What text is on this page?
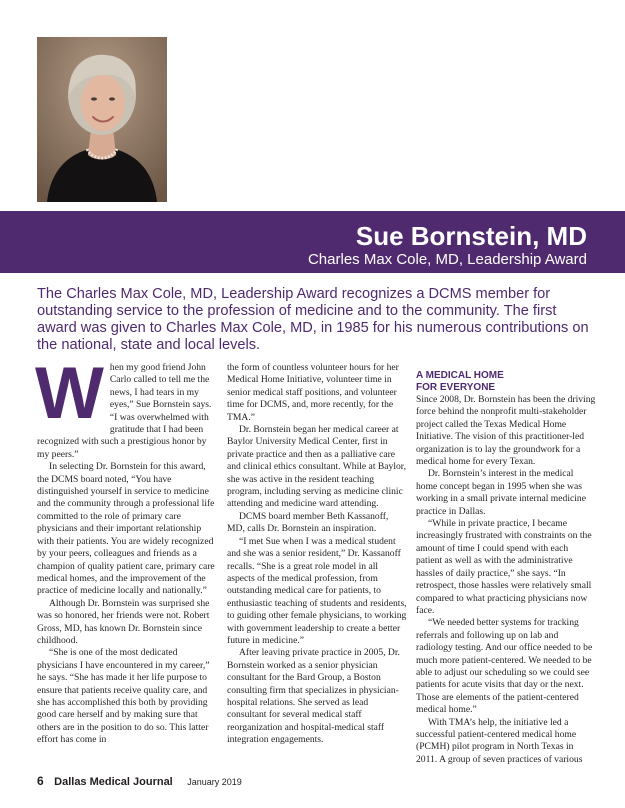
Sue Bornstein, MD
Charles Max Cole, MD, Leadership Award
The Charles Max Cole, MD, Leadership Award recognizes a DCMS member for outstanding service to the profession of medicine and to the community. The first award was given to Charles Max Cole, MD, in 1985 for his numerous contributions on the national, state and local levels.
W hen my good friend John Carlo called to tell me the news, I had tears in my eyes,” Sue Bornstein says. “I was overwhelmed with gratitude that I had been recognized with such a prestigious honor by my peers.”

In selecting Dr. Bornstein for this award, the DCMS board noted, “You have distinguished yourself in service to medicine and the community through a professional life committed to the role of primary care physicians and their important relationship with their patients. You are widely recognized by your peers, colleagues and friends as a champion of quality patient care, primary care medical homes, and the improvement of the practice of medicine locally and nationally.”

Although Dr. Bornstein was surprised she was so honored, her friends were not. Robert Gross, MD, has known Dr. Bornstein since childhood.

“She is one of the most dedicated physicians I have encountered in my career,” he says. “She has made it her life purpose to ensure that patients receive quality care, and she has accomplished this both by providing good care herself and by making sure that others are in the position to do so. This latter effort has come in

the form of countless volunteer hours for her Medical Home Initiative, volunteer time in senior medical staff positions, and volunteer time for DCMS, and, more recently, for the TMA.”

Dr. Bornstein began her medical career at Baylor University Medical Center, first in private practice and then as a palliative care and clinical ethics consultant. While at Baylor, she was active in the resident teaching program, including serving as medicine clinic attending and medicine ward attending.

DCMS board member Beth Kassanoff, MD, calls Dr. Bornstein an inspiration.

“I met Sue when I was a medical student and she was a senior resident,” Dr. Kassanoff recalls. “She is a great role model in all aspects of the medical profession, from outstanding medical care for patients, to enthusiastic teaching of students and residents, to guiding other female physicians, to working with government leadership to create a better future in medicine.”

After leaving private practice in 2005, Dr. Bornstein worked as a senior physician consultant for the Bard Group, a Boston consulting firm that specializes in physician-hospital relations. She served as lead consultant for several medical staff reorganization and hospital-medical staff integration engagements.

A MEDICAL HOME
FOR EVERYONE

Since 2008, Dr. Bornstein has been the driving force behind the nonprofit multi-stakeholder project called the Texas Medical Home Initiative. The vision of this practitioner-led organization is to lay the groundwork for a medical home for every Texan.

Dr. Bornstein’s interest in the medical home concept began in 1995 when she was working in a small private internal medicine practice in Dallas.

“While in private practice, I became increasingly frustrated with constraints on the amount of time I could spend with each patient as well as with the administrative hassles of daily practice,” she says. “In retrospect, those hassles were relatively small compared to what practicing physicians now face.

“We needed better systems for tracking referrals and following up on lab and radiology testing. And our office needed to be much more patient-centered. We needed to be able to adjust our scheduling so we could see patients for acute visits that day or the next. Those are elements of the patient-centered medical home.”

With TMA’s help, the initiative led a successful patient-centered medical home (PCMH) pilot program in North Texas in 2011. A group of seven practices of various

6 Dallas Medical Journal January 2019
